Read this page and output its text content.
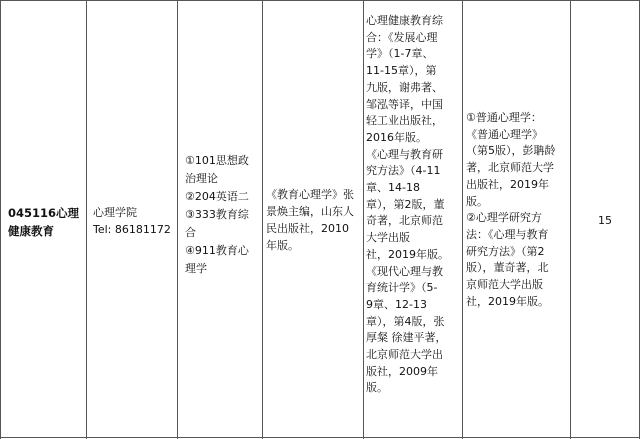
045116心理
健康教育
心理学院
Tel: 86181172
①101思想政
治理论
②204英语二
③333教育综
合
④911教育心
理学
《教育心理学》张
景焕主编，山东人
民出版社，2010
年版。
心理健康教育综
合：《发展心理
学》（1-7章、
11-15章），第
九版，谢弗著、
邹泓等译，中国
轻工业出版社，
2016年版。
《心理与教育研
究方法》（4-11
章、14-18
章），第2版，董
奇著，北京师范
大学出版
社，2019年版。
《现代心理与教
育统计学》（5-
9章、12-13
章），第4版，张
厚粲 徐建平著，
北京师范大学出
版社，2009年
版。
①普通心理学：
《普通心理学》
（第5版），彭聃龄
著，北京师范大学
出版社，2019年
版。
②心理学研究方
法：《心理与教育
研究方法》（第2
版），董奇著，北
京师范大学出版
社，2019年版。
15
